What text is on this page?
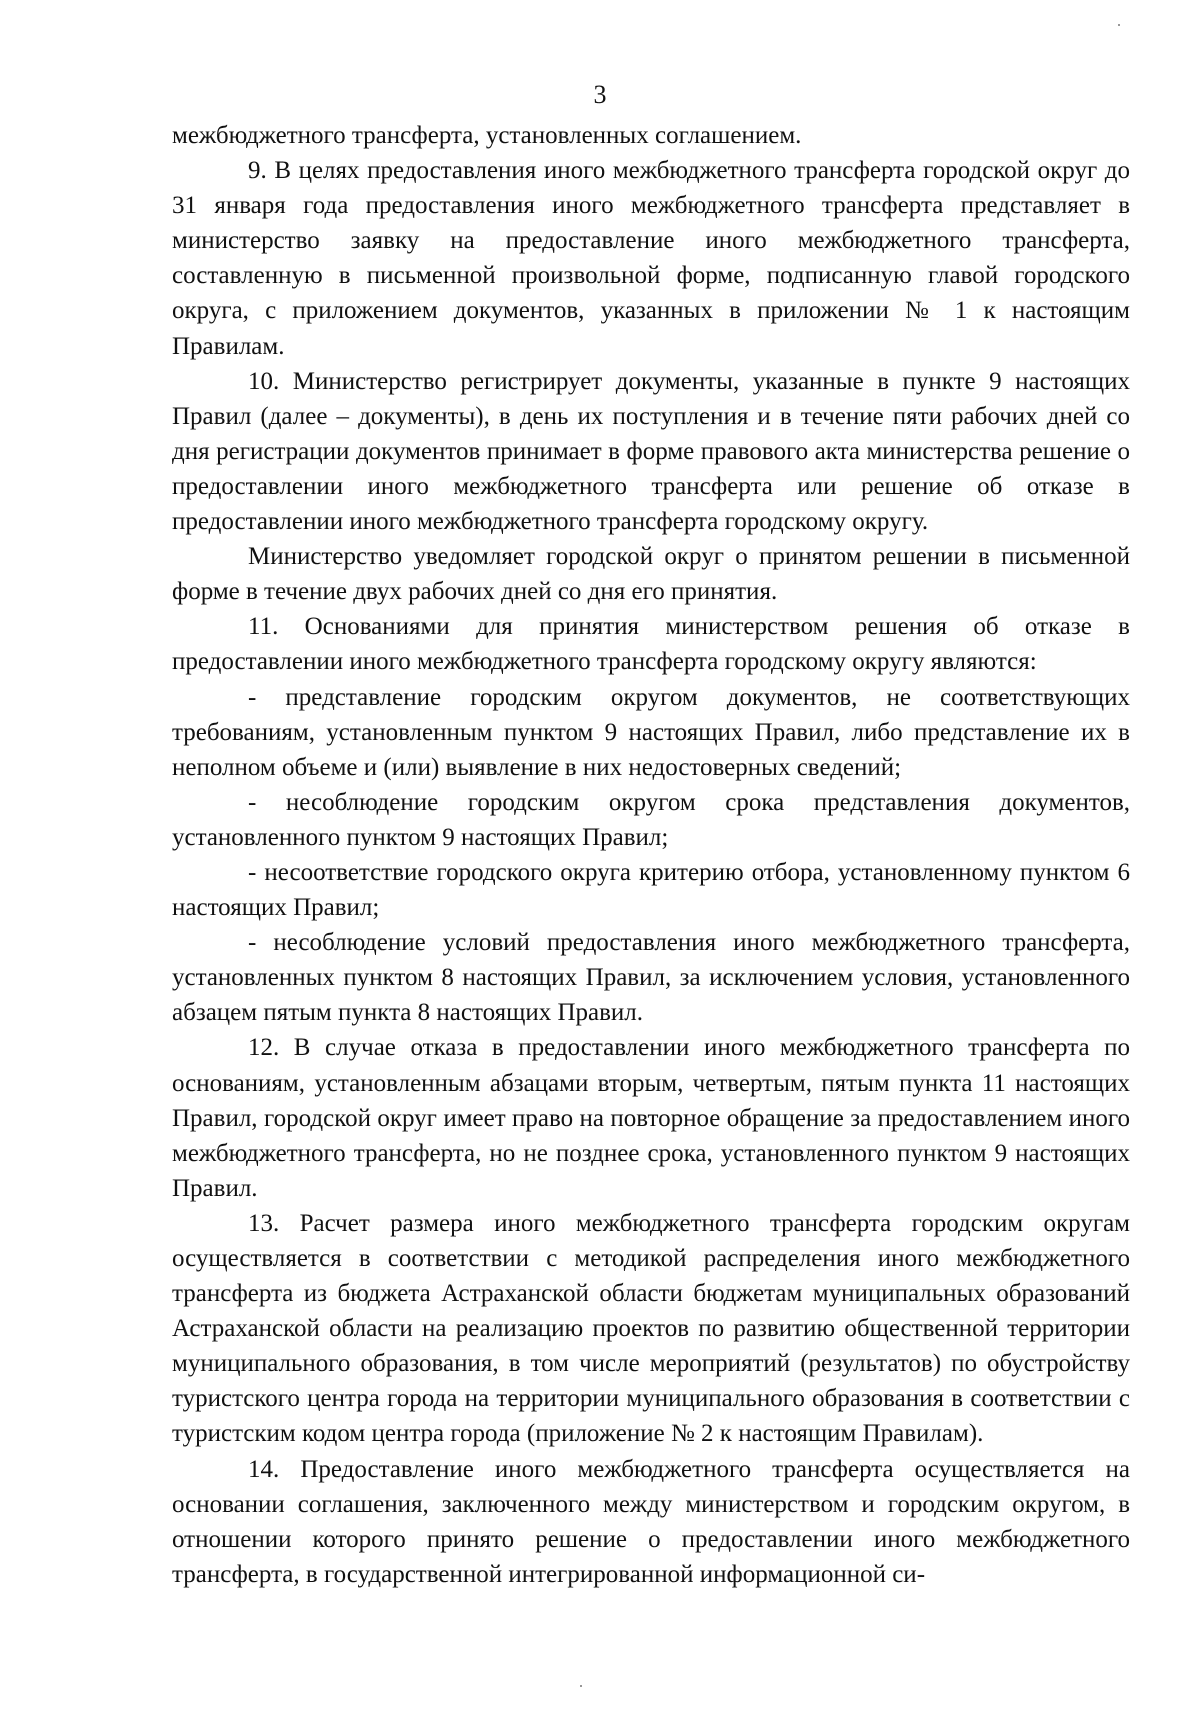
3

межбюджетного трансферта, установленных соглашением.

9. В целях предоставления иного межбюджетного трансферта городской округ до 31 января года предоставления иного межбюджетного трансферта представляет в министерство заявку на предоставление иного межбюджетного трансферта, составленную в письменной произвольной форме, подписанную главой городского округа, с приложением документов, указанных в приложении № 1 к настоящим Правилам.

10. Министерство регистрирует документы, указанные в пункте 9 настоящих Правил (далее – документы), в день их поступления и в течение пяти рабочих дней со дня регистрации документов принимает в форме правового акта министерства решение о предоставлении иного межбюджетного трансферта или решение об отказе в предоставлении иного межбюджетного трансферта городскому округу.

Министерство уведомляет городской округ о принятом решении в письменной форме в течение двух рабочих дней со дня его принятия.

11. Основаниями для принятия министерством решения об отказе в предоставлении иного межбюджетного трансферта городскому округу являются:

- представление городским округом документов, не соответствующих требованиям, установленным пунктом 9 настоящих Правил, либо представление их в неполном объеме и (или) выявление в них недостоверных сведений;

- несоблюдение городским округом срока представления документов, установленного пунктом 9 настоящих Правил;

- несоответствие городского округа критерию отбора, установленному пунктом 6 настоящих Правил;

- несоблюдение условий предоставления иного межбюджетного трансферта, установленных пунктом 8 настоящих Правил, за исключением условия, установленного абзацем пятым пункта 8 настоящих Правил.

12. В случае отказа в предоставлении иного межбюджетного трансферта по основаниям, установленным абзацами вторым, четвертым, пятым пункта 11 настоящих Правил, городской округ имеет право на повторное обращение за предоставлением иного межбюджетного трансферта, но не позднее срока, установленного пунктом 9 настоящих Правил.

13. Расчет размера иного межбюджетного трансферта городским округам осуществляется в соответствии с методикой распределения иного межбюджетного трансферта из бюджета Астраханской области бюджетам муниципальных образований Астраханской области на реализацию проектов по развитию общественной территории муниципального образования, в том числе мероприятий (результатов) по обустройству туристского центра города на территории муниципального образования в соответствии с туристским кодом центра города (приложение № 2 к настоящим Правилам).

14. Предоставление иного межбюджетного трансферта осуществляется на основании соглашения, заключенного между министерством и городским округом, в отношении которого принято решение о предоставлении иного межбюджетного трансферта, в государственной интегрированной информационной си-
